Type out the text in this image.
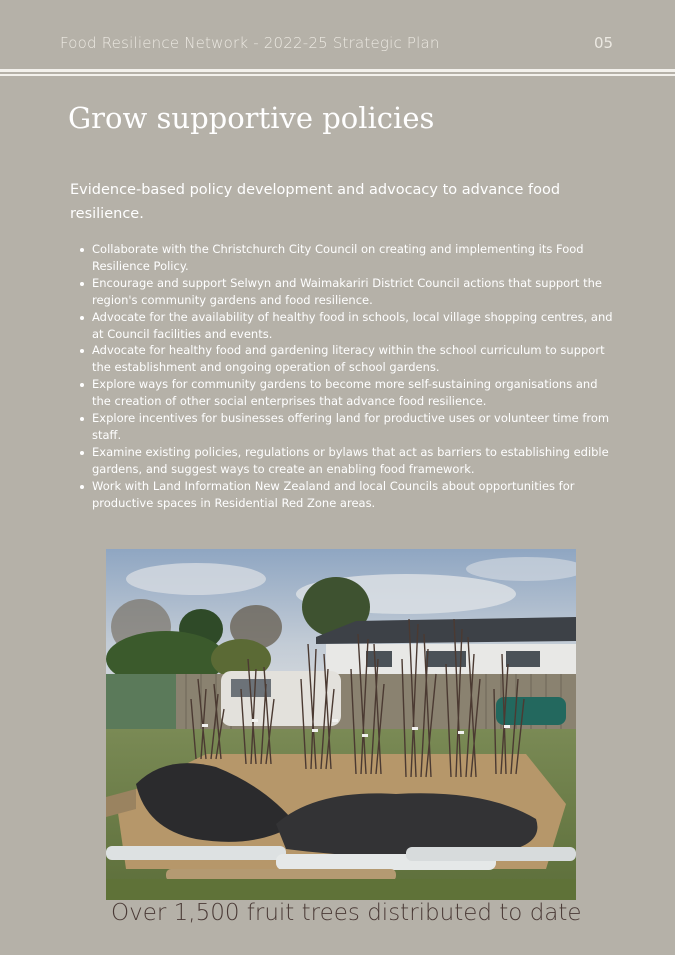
Food Resilience Network - 2022-25 Strategic Plan	05
Grow supportive policies
Evidence-based policy development and advocacy to advance food resilience.
Collaborate with the Christchurch City Council on creating and implementing its Food Resilience Policy.
Encourage and support Selwyn and Waimakariri District Council actions that support the region's community gardens and food resilience.
Advocate for the availability of healthy food in schools, local village shopping centres, and at Council facilities and events.
Advocate for healthy food and gardening literacy within the school curriculum to support the establishment and ongoing operation of school gardens.
Explore ways for community gardens to become more self-sustaining organisations and the creation of other social enterprises that advance food resilience.
Explore incentives for businesses offering land for productive uses or volunteer time from staff.
Examine existing policies, regulations or bylaws that act as barriers to establishing edible gardens, and suggest ways to create an enabling food framework.
Work with Land Information New Zealand and local Councils about opportunities for productive spaces in Residential Red Zone areas.
Over 1,500 fruit trees distributed to date
